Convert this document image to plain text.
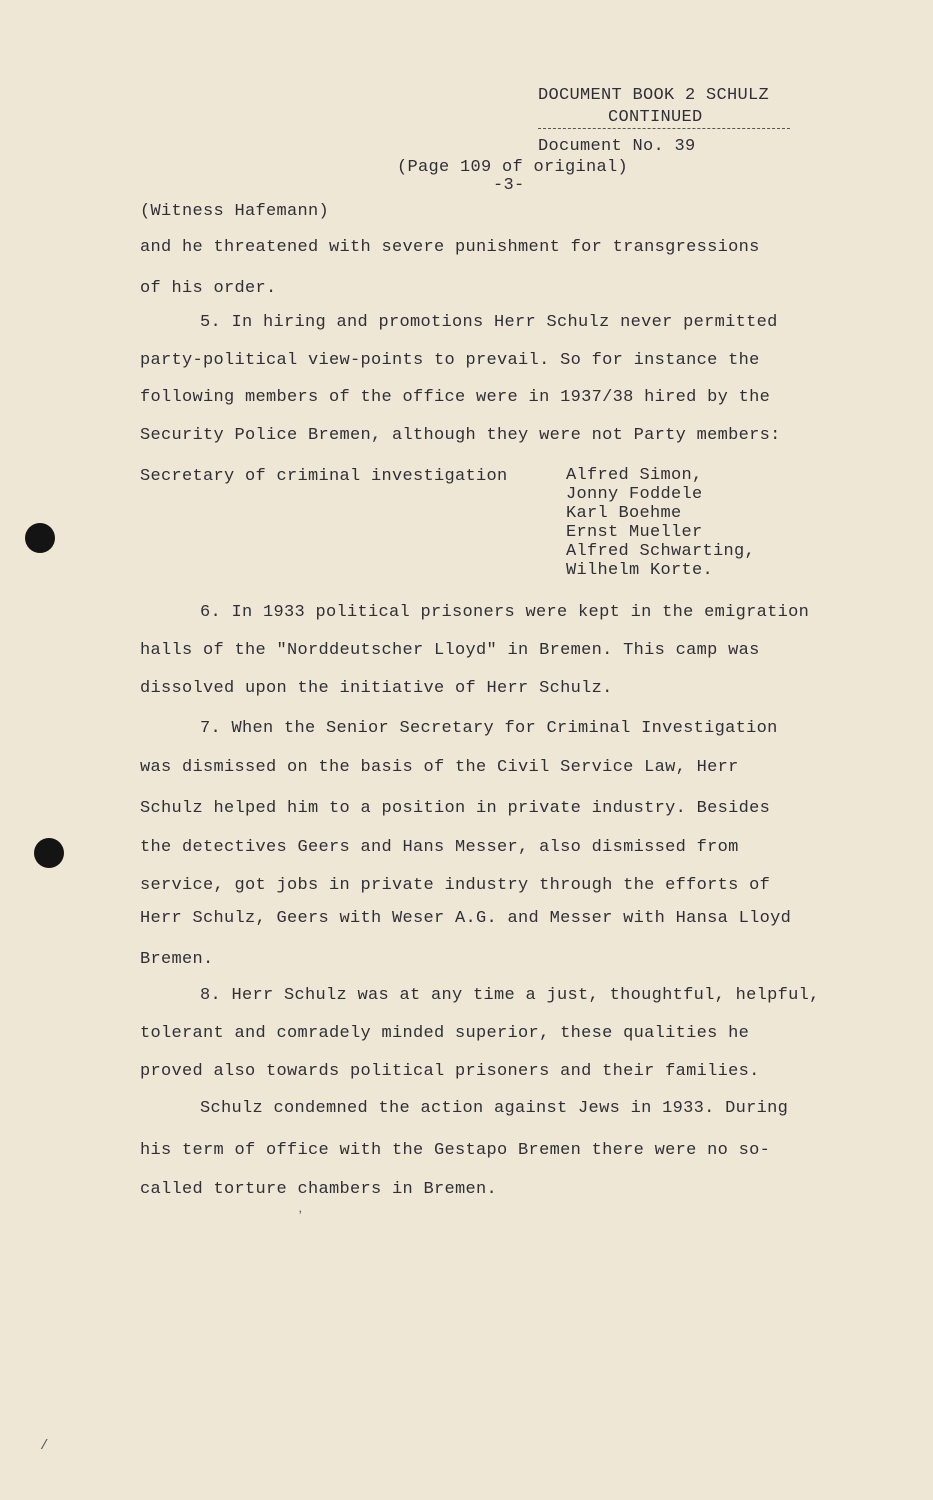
DOCUMENT BOOK 2 SCHULZ
CONTINUED
Document No. 39
(Page 109 of original)
-3-
(Witness Hafemann)
and he threatened with severe punishment for transgressions
of his order.
5. In hiring and promotions Herr Schulz never permitted
party-political view-points to prevail. So for instance the
following members of the office were in 1937/38 hired by the
Security Police Bremen, although they were not Party members:
Secretary of criminal investigation	Alfred Simon,
Jonny Foddele
Karl Boehme
Ernst Mueller
Alfred Schwarting,
Wilhelm Korte.
6. In 1933 political prisoners were kept in the emigration
halls of the "Norddeutscher Lloyd" in Bremen. This camp was
dissolved upon the initiative of Herr Schulz.
7. When the Senior Secretary for Criminal Investigation
was dismissed on the basis of the Civil Service Law, Herr
Schulz helped him to a position in private industry. Besides
the detectives Geers and Hans Messer, also dismissed from
service, got jobs in private industry through the efforts of
Herr Schulz, Geers with Weser A.G. and Messer with Hansa Lloyd
Bremen.
8. Herr Schulz was at any time a just, thoughtful, helpful,
tolerant and comradely minded superior, these qualities he
proved also towards political prisoners and their families.
Schulz condemned the action against Jews in 1933. During
his term of office with the Gestapo Bremen there were no so-
called torture chambers in Bremen.
ʼ
/
